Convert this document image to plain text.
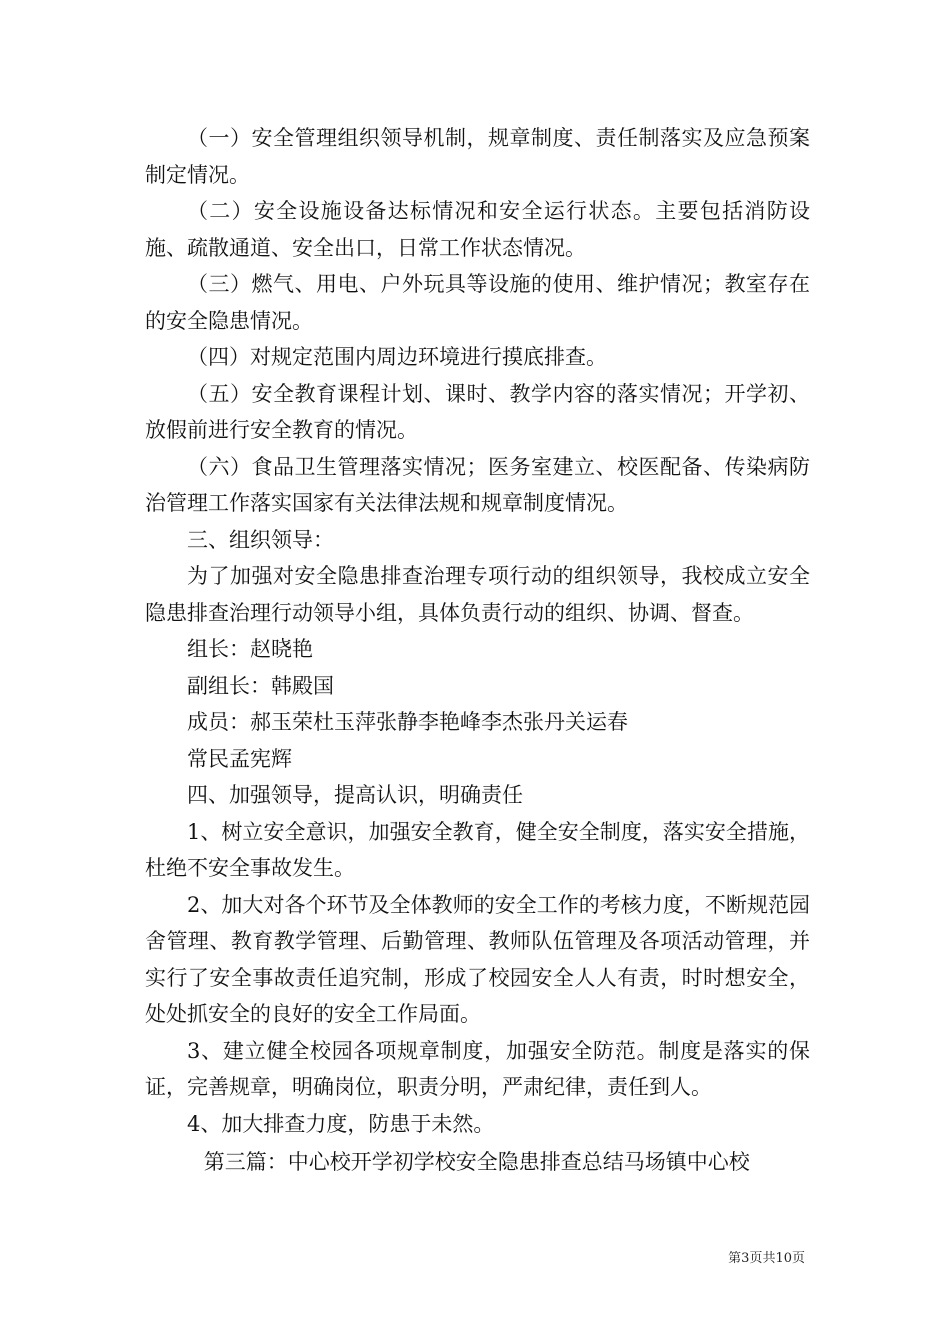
（一）安全管理组织领导机制，规章制度、责任制落实及应急预案制定情况。

（二）安全设施设备达标情况和安全运行状态。主要包括消防设施、疏散通道、安全出口，日常工作状态情况。

（三）燃气、用电、户外玩具等设施的使用、维护情况；教室存在的安全隐患情况。

（四）对规定范围内周边环境进行摸底排查。

（五）安全教育课程计划、课时、教学内容的落实情况；开学初、放假前进行安全教育的情况。

（六）食品卫生管理落实情况；医务室建立、校医配备、传染病防治管理工作落实国家有关法律法规和规章制度情况。

三、组织领导：

为了加强对安全隐患排查治理专项行动的组织领导，我校成立安全隐患排查治理行动领导小组，具体负责行动的组织、协调、督查。

组长：赵晓艳

副组长：韩殿国

成员：郝玉荣杜玉萍张静李艳峰李杰张丹关运春

常民孟宪辉

四、加强领导，提高认识，明确责任

1、树立安全意识，加强安全教育，健全安全制度，落实安全措施，杜绝不安全事故发生。

2、加大对各个环节及全体教师的安全工作的考核力度，不断规范园舍管理、教育教学管理、后勤管理、教师队伍管理及各项活动管理，并实行了安全事故责任追究制，形成了校园安全人人有责，时时想安全，处处抓安全的良好的安全工作局面。

3、建立健全校园各项规章制度，加强安全防范。制度是落实的保证，完善规章，明确岗位，职责分明，严肃纪律，责任到人。

4、加大排查力度，防患于未然。

第三篇：中心校开学初学校安全隐患排查总结马场镇中心校

第3页共10页
